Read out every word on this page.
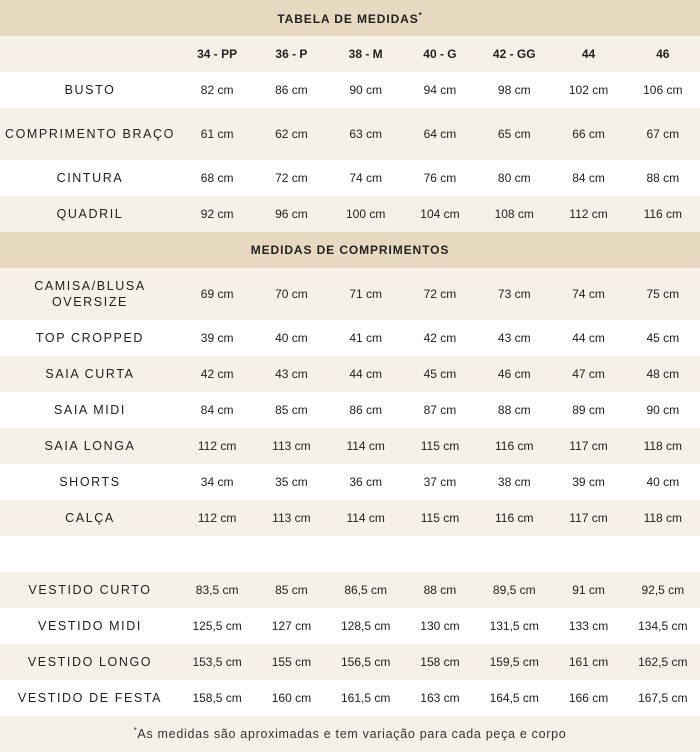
TABELA DE MEDIDAS*
34 - PP	36 - P	38 - M	40 - G	42 - GG	44	46
BUSTO	82 cm	86 cm	90 cm	94 cm	98 cm	102 cm	106 cm
COMPRIMENTO BRAÇO	61 cm	62 cm	63 cm	64 cm	65 cm	66 cm	67 cm
CINTURA	68 cm	72 cm	74 cm	76 cm	80 cm	84 cm	88 cm
QUADRIL	92 cm	96 cm	100 cm	104 cm	108 cm	112 cm	116 cm
MEDIDAS DE COMPRIMENTOS
CAMISA/BLUSA OVERSIZE
69 cm	70 cm	71 cm	72 cm	73 cm	74 cm	75 cm
TOP CROPPED	39 cm	40 cm	41 cm	42 cm	43 cm	44 cm	45 cm
SAIA CURTA	42 cm	43 cm	44 cm	45 cm	46 cm	47 cm	48 cm
SAIA MIDI	84 cm	85 cm	86 cm	87 cm	88 cm	89 cm	90 cm
SAIA LONGA	112 cm	113 cm	114 cm	115 cm	116 cm	117 cm	118 cm
SHORTS	34 cm	35 cm	36 cm	37 cm	38 cm	39 cm	40 cm
CALÇA	112 cm	113 cm	114 cm	115 cm	116 cm	117 cm	118 cm
VESTIDO CURTO	83,5 cm	85 cm	86,5 cm	88 cm	89,5 cm	91 cm	92,5 cm
VESTIDO MIDI	125,5 cm	127 cm	128,5 cm	130 cm	131,5 cm	133 cm	134,5 cm
VESTIDO LONGO	153,5 cm	155 cm	156,5 cm	158 cm	159,5 cm	161 cm	162,5 cm
VESTIDO DE FESTA	158,5 cm	160 cm	161,5 cm	163 cm	164,5 cm	166 cm	167,5 cm
*As medidas são aproximadas e tem variação para cada peça e corpo
